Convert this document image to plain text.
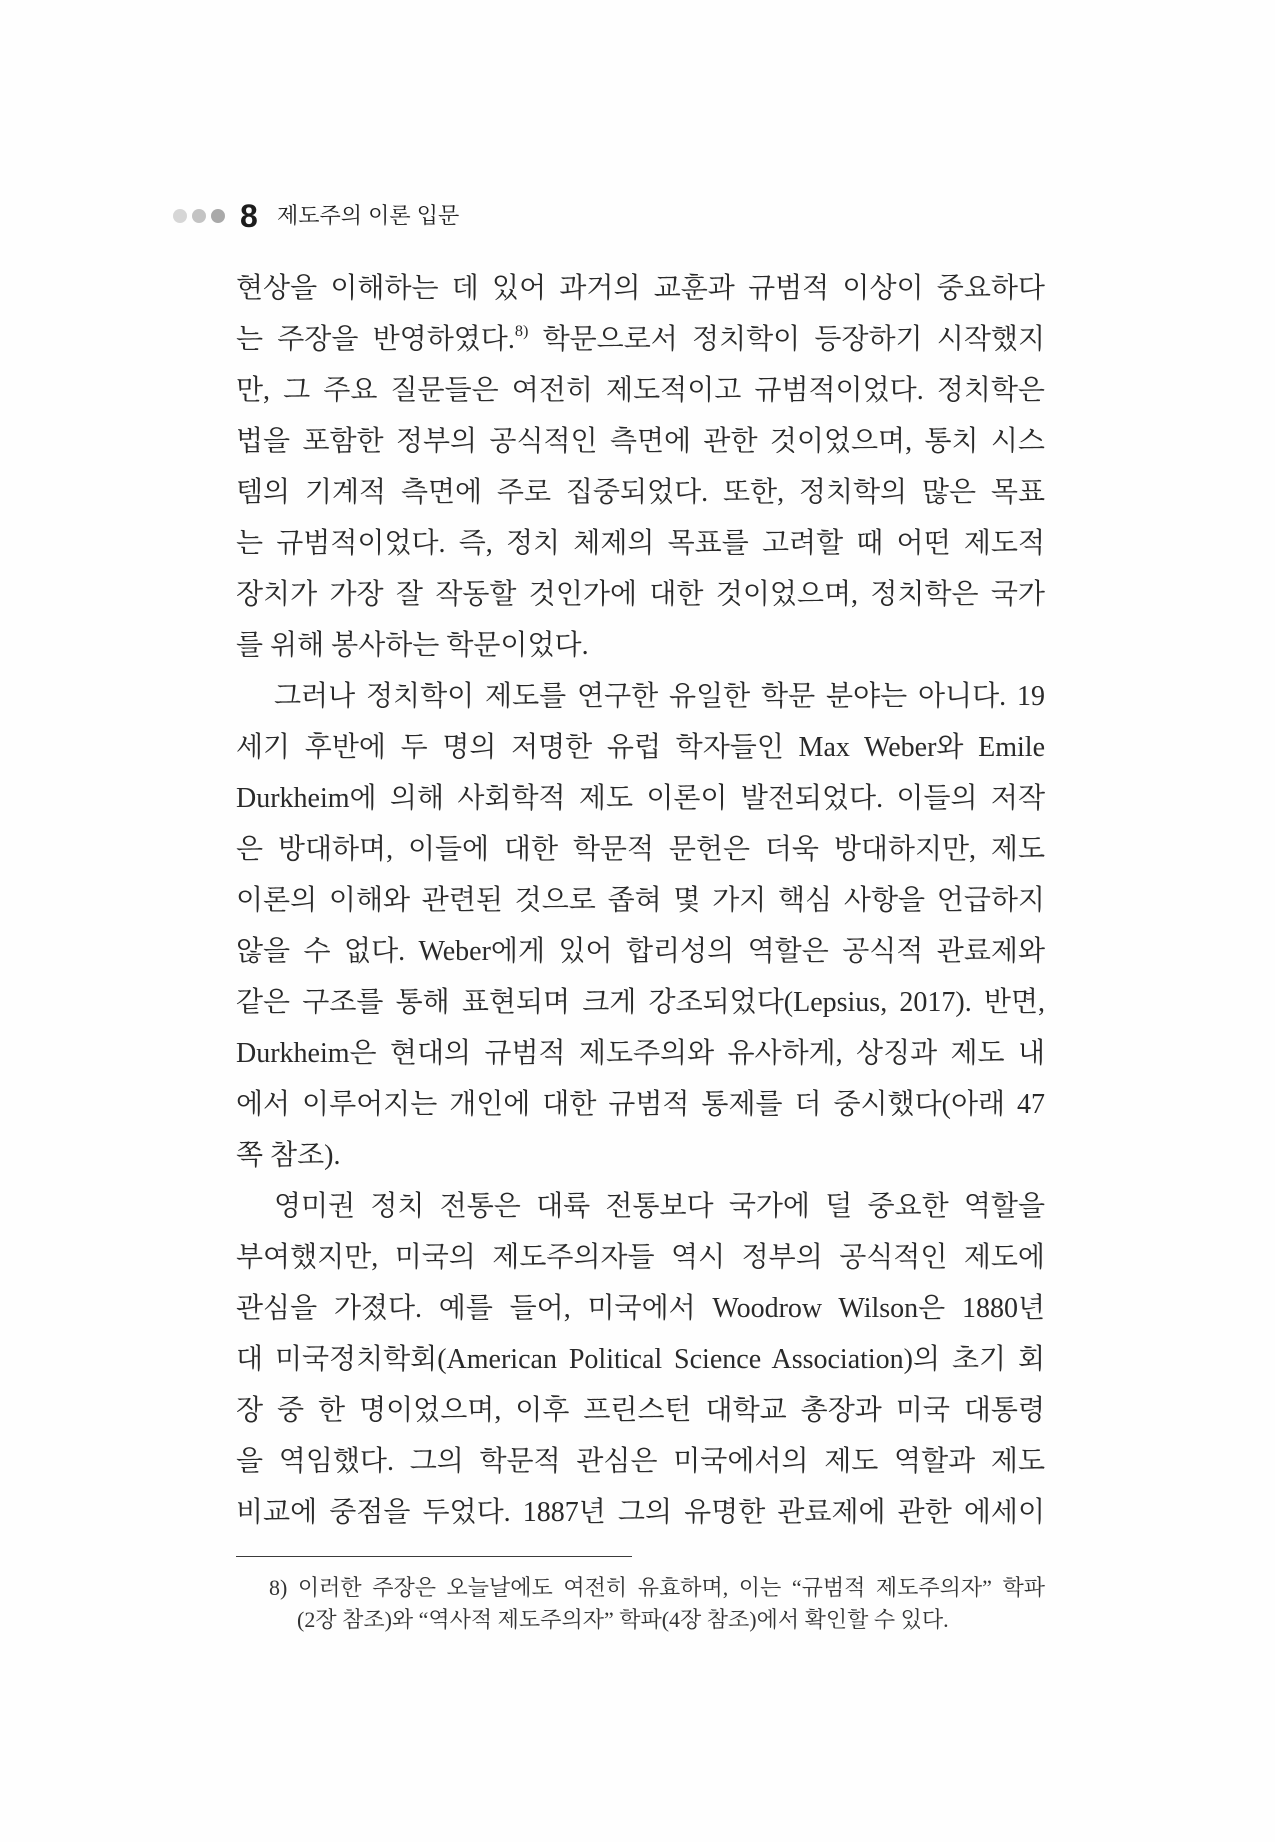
8 제도주의 이론 입문
현상을 이해하는 데 있어 과거의 교훈과 규범적 이상이 중요하다
는 주장을 반영하였다.$^{8)}$ 학문으로서 정치학이 등장하기 시작했지
만, 그 주요 질문들은 여전히 제도적이고 규범적이었다. 정치학은
법을 포함한 정부의 공식적인 측면에 관한 것이었으며, 통치 시스
템의 기계적 측면에 주로 집중되었다. 또한, 정치학의 많은 목표
는 규범적이었다. 즉, 정치 체제의 목표를 고려할 때 어떤 제도적
장치가 가장 잘 작동할 것인가에 대한 것이었으며, 정치학은 국가
를 위해 봉사하는 학문이었다.
그러나 정치학이 제도를 연구한 유일한 학문 분야는 아니다. 19
세기 후반에 두 명의 저명한 유럽 학자들인 Max Weber와 Emile
Durkheim에 의해 사회학적 제도 이론이 발전되었다. 이들의 저작
은 방대하며, 이들에 대한 학문적 문헌은 더욱 방대하지만, 제도
이론의 이해와 관련된 것으로 좁혀 몇 가지 핵심 사항을 언급하지
않을 수 없다. Weber에게 있어 합리성의 역할은 공식적 관료제와
같은 구조를 통해 표현되며 크게 강조되었다(Lepsius, 2017). 반면,
Durkheim은 현대의 규범적 제도주의와 유사하게, 상징과 제도 내
에서 이루어지는 개인에 대한 규범적 통제를 더 중시했다(아래 47
쪽 참조).
영미권 정치 전통은 대륙 전통보다 국가에 덜 중요한 역할을
부여했지만, 미국의 제도주의자들 역시 정부의 공식적인 제도에
관심을 가졌다. 예를 들어, 미국에서 Woodrow Wilson은 1880년
대 미국정치학회(American Political Science Association)의 초기 회
장 중 한 명이었으며, 이후 프린스턴 대학교 총장과 미국 대통령
을 역임했다. 그의 학문적 관심은 미국에서의 제도 역할과 제도
비교에 중점을 두었다. 1887년 그의 유명한 관료제에 관한 에세이
8) 이러한 주장은 오늘날에도 여전히 유효하며, 이는 “규범적 제도주의자” 학파
(2장 참조)와 “역사적 제도주의자” 학파(4장 참조)에서 확인할 수 있다.
